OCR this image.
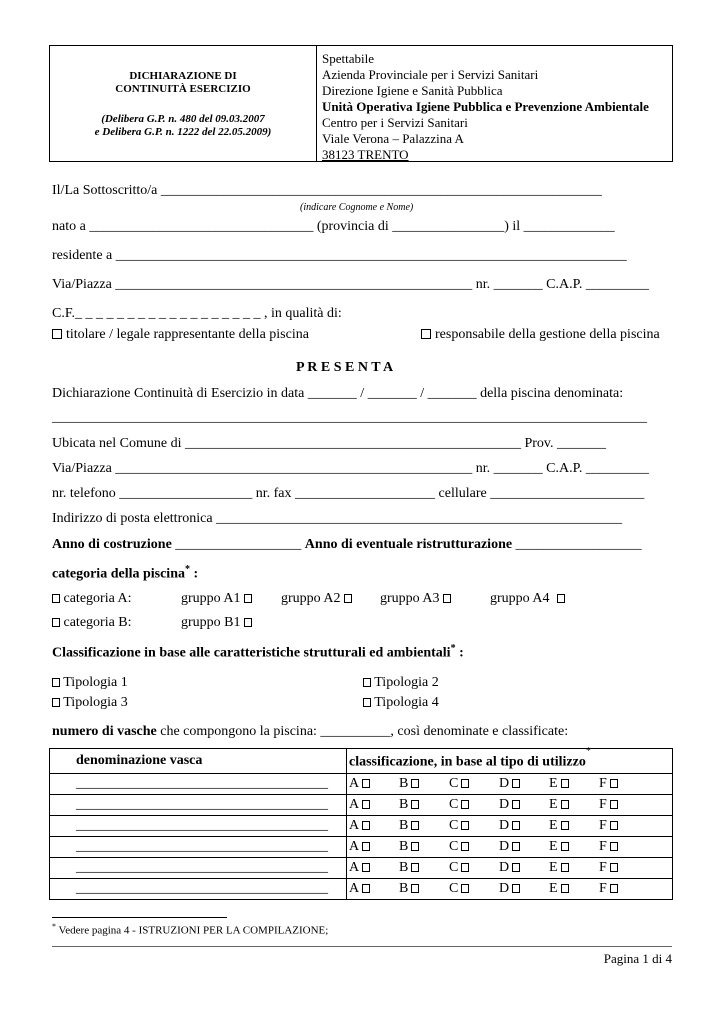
DICHIARAZIONE DI
CONTINUITÀ ESERCIZIO
(Delibera G.P. n. 480 del 09.03.2007
e Delibera G.P. n. 1222 del 22.05.2009)
Spettabile
Azienda Provinciale per i Servizi Sanitari
Direzione Igiene e Sanità Pubblica
Unità Operativa Igiene Pubblica e Prevenzione Ambientale
Centro per i Servizi Sanitari
Viale Verona – Palazzina A
38123 TRENTO
Il/La Sottoscritto/a _______________________________________________________________
(indicare Cognome e Nome)
nato a ________________________________ (provincia di ________________) il _____________
residente a _________________________________________________________________________
Via/Piazza ___________________________________________________ nr. _______ C.A.P. _________
C.F._ _ _ _ _ _ _ _ _ _ _ _ _ _ _ _ _ _ , in qualità di:
titolare / legale rappresentante della piscina	responsabile della gestione della piscina
P R E S E N T A
Dichiarazione Continuità di Esercizio in data _______ / _______ / _______ della piscina denominata:
_____________________________________________________________________________________
Ubicata nel Comune di ________________________________________________ Prov. _______
Via/Piazza ___________________________________________________ nr. _______ C.A.P. _________
nr. telefono ___________________ nr. fax ____________________ cellulare ______________________
Indirizzo di posta elettronica __________________________________________________________
Anno di costruzione __________________ Anno di eventuale ristrutturazione __________________
categoria della piscina* :
categoria A:	gruppo A1	gruppo A2	gruppo A3	gruppo A4
categoria B:	gruppo B1
Classificazione in base alle caratteristiche strutturali ed ambientali* :
Tipologia 1	Tipologia 2
Tipologia 3	Tipologia 4
numero di vasche che compongono la piscina: __________, così denominate e classificate:
denominazione vasca	classificazione, in base al tipo di utilizzo*
____________________________________	A B C D E F
____________________________________	A B C D E F
____________________________________	A B C D E F
____________________________________	A B C D E F
____________________________________	A B C D E F
____________________________________	A B C D E F
* Vedere pagina 4 - ISTRUZIONI PER LA COMPILAZIONE;
Pagina 1 di 4
